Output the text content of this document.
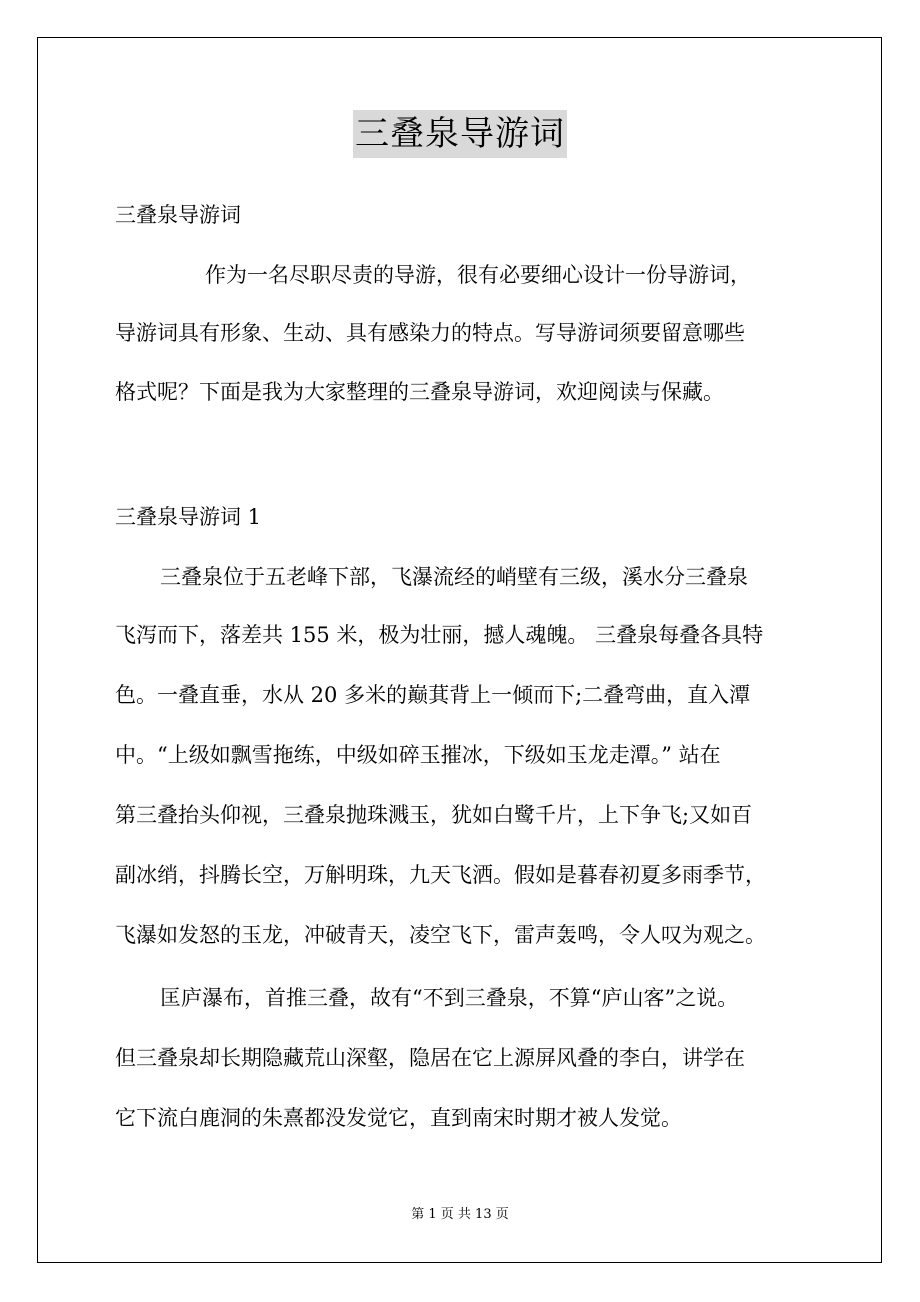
三叠泉导游词
三叠泉导游词
作为一名尽职尽责的导游，很有必要细心设计一份导游词，
导游词具有形象、生动、具有感染力的特点。写导游词须要留意哪些
格式呢？下面是我为大家整理的三叠泉导游词，欢迎阅读与保藏。
三叠泉导游词 1
三叠泉位于五老峰下部，飞瀑流经的峭壁有三级，溪水分三叠泉
飞泻而下，落差共 155 米，极为壮丽，撼人魂魄。 三叠泉每叠各具特
色。一叠直垂，水从 20 多米的巅萁背上一倾而下;二叠弯曲，直入潭
中。“上级如飘雪拖练，中级如碎玉摧冰，下级如玉龙走潭。” 站在
第三叠抬头仰视，三叠泉抛珠溅玉，犹如白鹭千片，上下争飞;又如百
副冰绡，抖腾长空，万斛明珠，九天飞洒。假如是暮春初夏多雨季节，
飞瀑如发怒的玉龙，冲破青天，凌空飞下，雷声轰鸣，令人叹为观之。
匡庐瀑布，首推三叠，故有“不到三叠泉，不算“庐山客”之说。
但三叠泉却长期隐藏荒山深壑，隐居在它上源屏风叠的李白，讲学在
它下流白鹿洞的朱熹都没发觉它，直到南宋时期才被人发觉。
第 1 页 共 13 页
